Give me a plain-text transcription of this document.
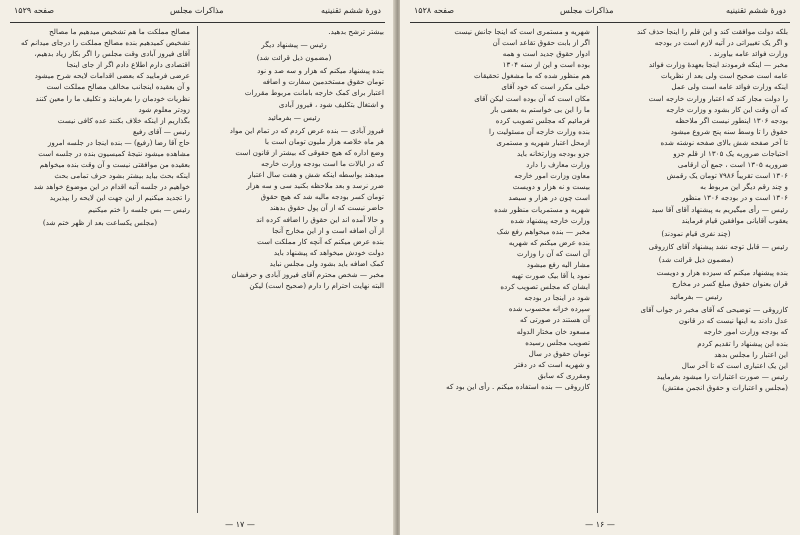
صفحه ۱۵۲۹	مذاکرات مجلس	دورهٔ ششم تقنینیه

مصالح مملکت ما هم تشخیص میدهیم ما مصالح

تشخیص کمیدهیم بنده مصالح مملکت را درجای میدانم که

آقای فیروز آبادی وقت مجلس را اگر بکار زیاد بدهیم،

اقتصادی دارم اطلاع دادم اگر از جای اینجا

عرضی فرمایید که بعضی اقدامات لایحه شرح میشود

و آن بعقیده اینجانب مخالف مصالح مملکت است

نظریات خودمان را بفرمایند و تکلیف ما را معین کنند

زودتر معلوم شود

بگذاریم از اینکه خلاف بکنند عده کافی نیست

رئیس — آقای رفیع

حاج آقا رضا (رفیع) — بنده اینجا در جلسه امروز

مشاهده میشود نتیجهٔ کمیسیون بنده در جلسه است

بعقیده من موافقتی نیست و آن وقت بنده میخواهم

اینکه بحث بیاید بیشتر بشود حرف تمامی بحث

خواهیم در جلسه آتیه اقدام در این موضوع خواهد شد

را تجدید میکنیم از این جهت این لایحه را بپذیرید

رئیس — بس جلسه را ختم میکنیم

(مجلس یکساعت بعد از ظهر ختم شد)

بیشتر ترشح بدهید.

رئیس — پیشنهاد دیگر

(مضمون ذیل قرائت شد)

بنده پیشنهاد میکنم که هزار و سه صد و نود

تومان حقوق مستخدمین سفارت و اضافه

اعتبار برای کمک خارجه بامانت مربوط مقررات

و اشتغال بتکلیف شود ، فیروز آبادی

رئیس — بفرمائید

فیروز آبادی — بنده عرض کردم که در تمام این مواد

هر ماه خلاصه هزار ملیون تومان است با

وضع اداره که هیچ حقوقی که بیشتر از قانون است

که در ایالات ما است بودجه وزارت خارجه

میدهند بواسطه اینکه شش و هفت سال اعتبار

ضرر نرسد و بعد ملاحظه بکنید سی و سه هزار

تومان کسر بودجه مالیه شد که هیچ حقوق

حاضر نیست که از آن پول حقوق بدهند

و حالا آمده اند این حقوق را اضافه کرده اند

از آن اضافه است و از این مخارج آنجا

بنده عرض میکنم که آنچه کار مملکت است

دولت خودش میخواهد که پیشنهاد باید

کمک اضافه باید بشود ولی مجلس نباید

مخبر — شخص محترم آقای فیروز آبادی و حرفشان

البته نهایت احترام را دارم (صحیح است) لیکن

— ۱۷ —
دورهٔ ششم تقنینیه
مذاکرات مجلس
صفحه ۱۵۲۸

شهریه و مستمری است که اینجا جانش نیست

اگر از بابت حقوق تقاعد است آن

ادوار حقوق جدید است و همه

بوده است و این از سنه ۱۳۰۴

هم منظور شده که ما مشغول تحقیقات

خیلی مکرر است که خود آقای

مکان است که آن بوده است لیکن آقای

ما را این بی خواستم به بعضی بار

فرمائیم که مجلس تصویب کرده

بنده وزارت خارجه آن مسئولیت را

ازمحل اعتبار شهریه و مستمری

جزو بودجه وزارتخانه باید

وزارت معارف را دارد

معاون وزارت امور خارجه

بیست و نه هزار و دویست

است چون در هزار و سیصد

شهریه و مستمریات منظور شده

وزارت خارجه پیشنهاد شده

مخبر — بنده میخواهم رفع شک

بنده عرض میکنم که شهریه

آن است که آن را وزارت

مشار الیه رفع میشود

نمود یا آقا بیک صورت تهیه

ایشان که مجلس تصویب کرده

شود در اینجا در بودجه

سپرده خزانه محسوب شده

آن هستند در صورتی که

مسعود خان مختار الدوله

تصویب مجلس رسیده

تومان حقوق در سال

و شهریه است که در دفتر

ومقرری که سابق

کازروقی — بنده استفاده میکنم . رأی این بود که

بلکه دولت موافقت کند و این قلم را اینجا حذف کند

و اگر یک تغییراتی در آتیه لازم است در بودجه

وزارت فوائد عامه بیاورند .

مخبر — اینکه فرمودند اینجا بعهدهٔ وزارت فوائد

عامه است صحیح است ولی بعد از نظریات

اینکه وزارت فوائد عامه است ولی عمل

را دولت مجاز کند که اعتبار وزارت خارجه است

که آن وقت این کار بشود و وزارت خارجه

بودجه ۱۳۰۶ اینطور نیست اگر ملاحظه

حقوق را تا وسط سنه پنج شروع میشود

تا آخر صفحه شش بالای صفحه نوشته شده

احتیاجات ضروریه یک ۱۳۰۵ از قلم جزو

ضروریه ۱۳۰۵ است ، جمع آن ارقامی

۱۳۰۶ است تقریباً ۷۹۸۶ تومان یک رقمش

و چند رقم دیگر این مربوط به

۱۳۰۶ است و در بودجه ۱۳۰۶ منظور

رئیس — رأی میگیریم به پیشنهاد آقای آقا سید

یعقوب آقایانی موافقین قیام فرمایند

(چند نفری قیام نمودند)

رئیس — قابل توجه نشد پیشنهاد آقای کازروقی

(مضمون ذیل قرائت شد)

بنده پیشنهاد میکنم که سیزده هزار و دویست

قران بعنوان حقوق مبلغ کسر در مخارج

رئیس — بفرمائید

کازروقی — توضیحی که آقای مخبر در جواب آقای

عدل دادند به اینها نیست که در قانون

که بودجه وزارت امور خارجه

بنده این پیشنهاد را تقدیم کردم

این اعتبار را مجلس بدهد

این یک اعتباری است که تا آخر سال

رئیس — صورت اعتبارات را میشود بفرمایید

(مجلس و اعتبارات و حقوق انجمن مفتش)

— ۱۶ —
